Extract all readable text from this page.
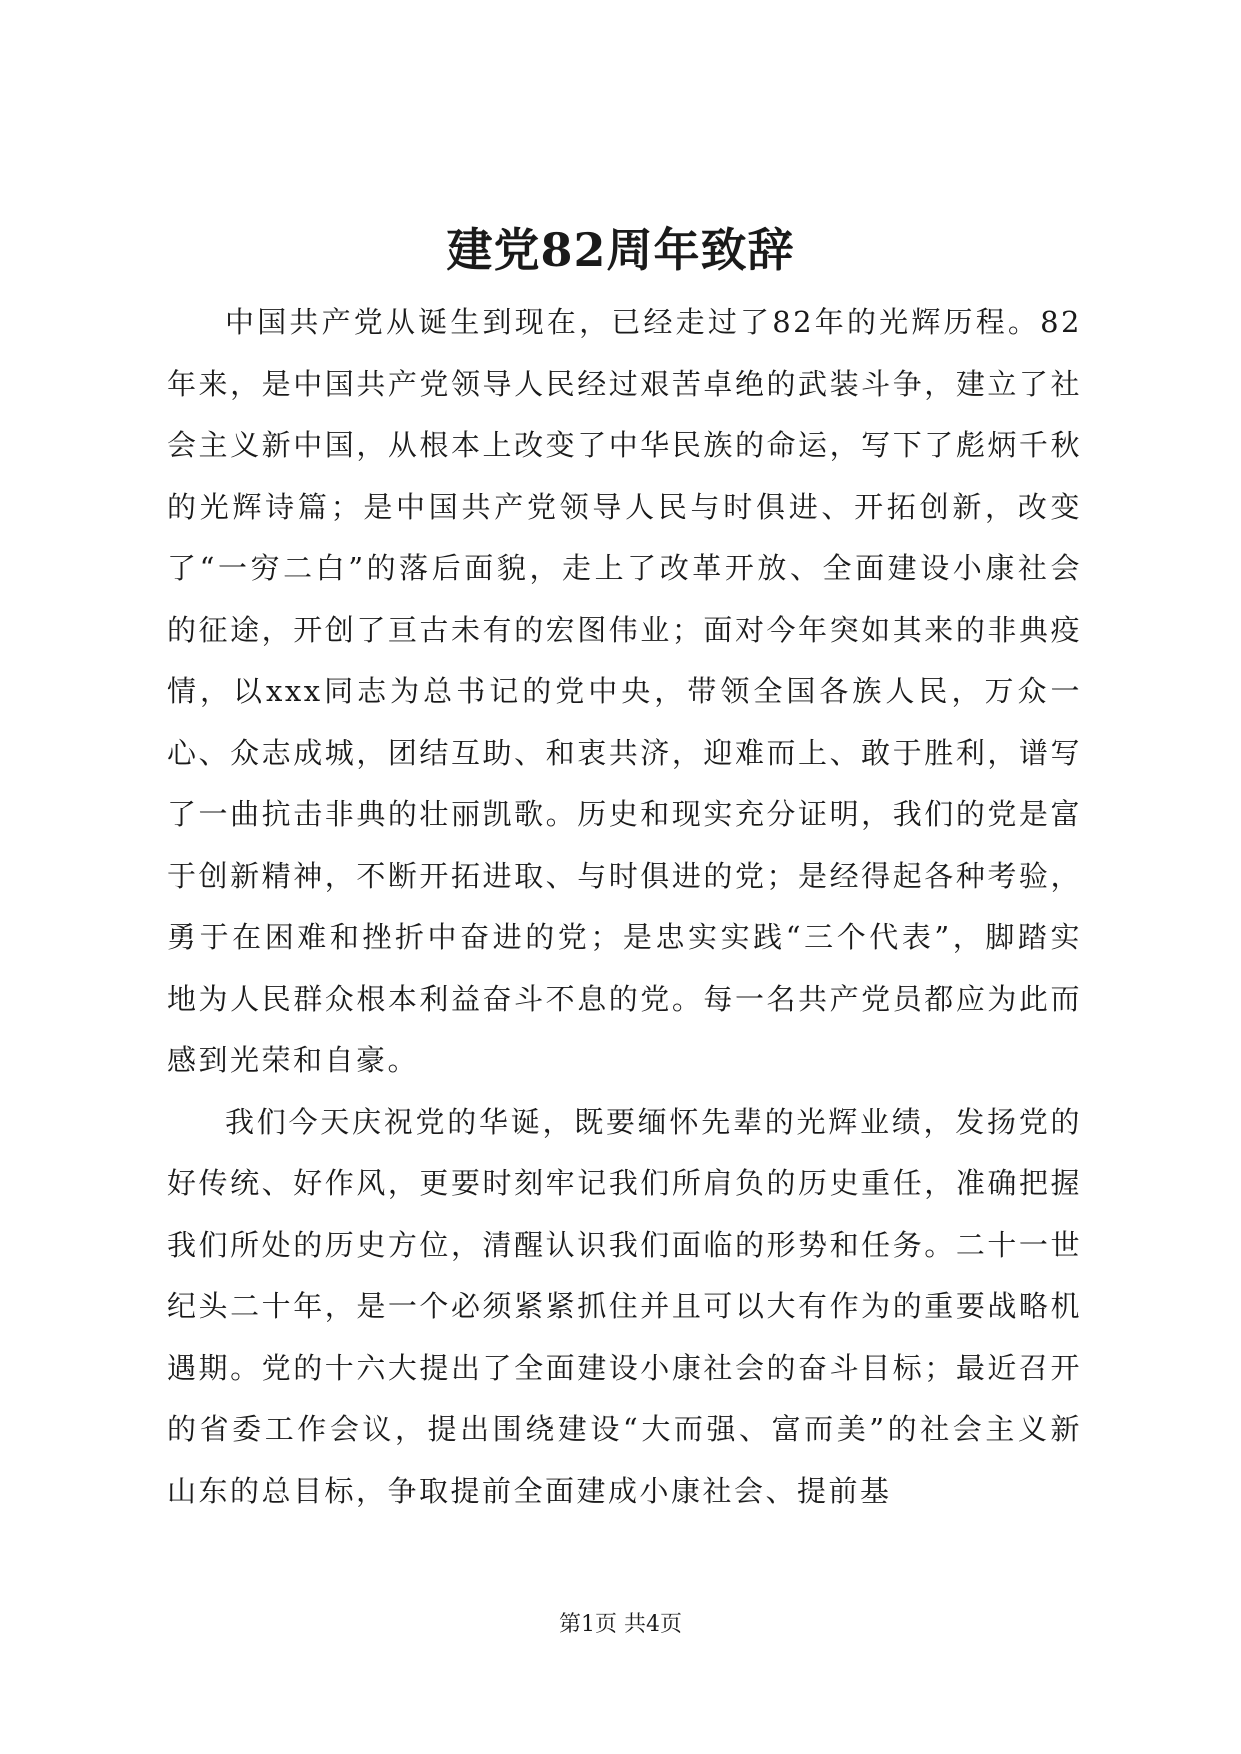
建党82周年致辞

中国共产党从诞生到现在，已经走过了82年的光辉历程。82年来，是中国共产党领导人民经过艰苦卓绝的武装斗争，建立了社会主义新中国，从根本上改变了中华民族的命运，写下了彪炳千秋的光辉诗篇；是中国共产党领导人民与时俱进、开拓创新，改变了“一穷二白”的落后面貌，走上了改革开放、全面建设小康社会的征途，开创了亘古未有的宏图伟业；面对今年突如其来的非典疫情，以xxx同志为总书记的党中央，带领全国各族人民，万众一心、众志成城，团结互助、和衷共济，迎难而上、敢于胜利，谱写了一曲抗击非典的壮丽凯歌。历史和现实充分证明，我们的党是富于创新精神，不断开拓进取、与时俱进的党；是经得起各种考验，勇于在困难和挫折中奋进的党；是忠实实践“三个代表”，脚踏实地为人民群众根本利益奋斗不息的党。每一名共产党员都应为此而感到光荣和自豪。

我们今天庆祝党的华诞，既要缅怀先辈的光辉业绩，发扬党的好传统、好作风，更要时刻牢记我们所肩负的历史重任，准确把握我们所处的历史方位，清醒认识我们面临的形势和任务。二十一世纪头二十年，是一个必须紧紧抓住并且可以大有作为的重要战略机遇期。党的十六大提出了全面建设小康社会的奋斗目标；最近召开的省委工作会议，提出围绕建设“大而强、富而美”的社会主义新山东的总目标，争取提前全面建成小康社会、提前基

第1页 共4页
